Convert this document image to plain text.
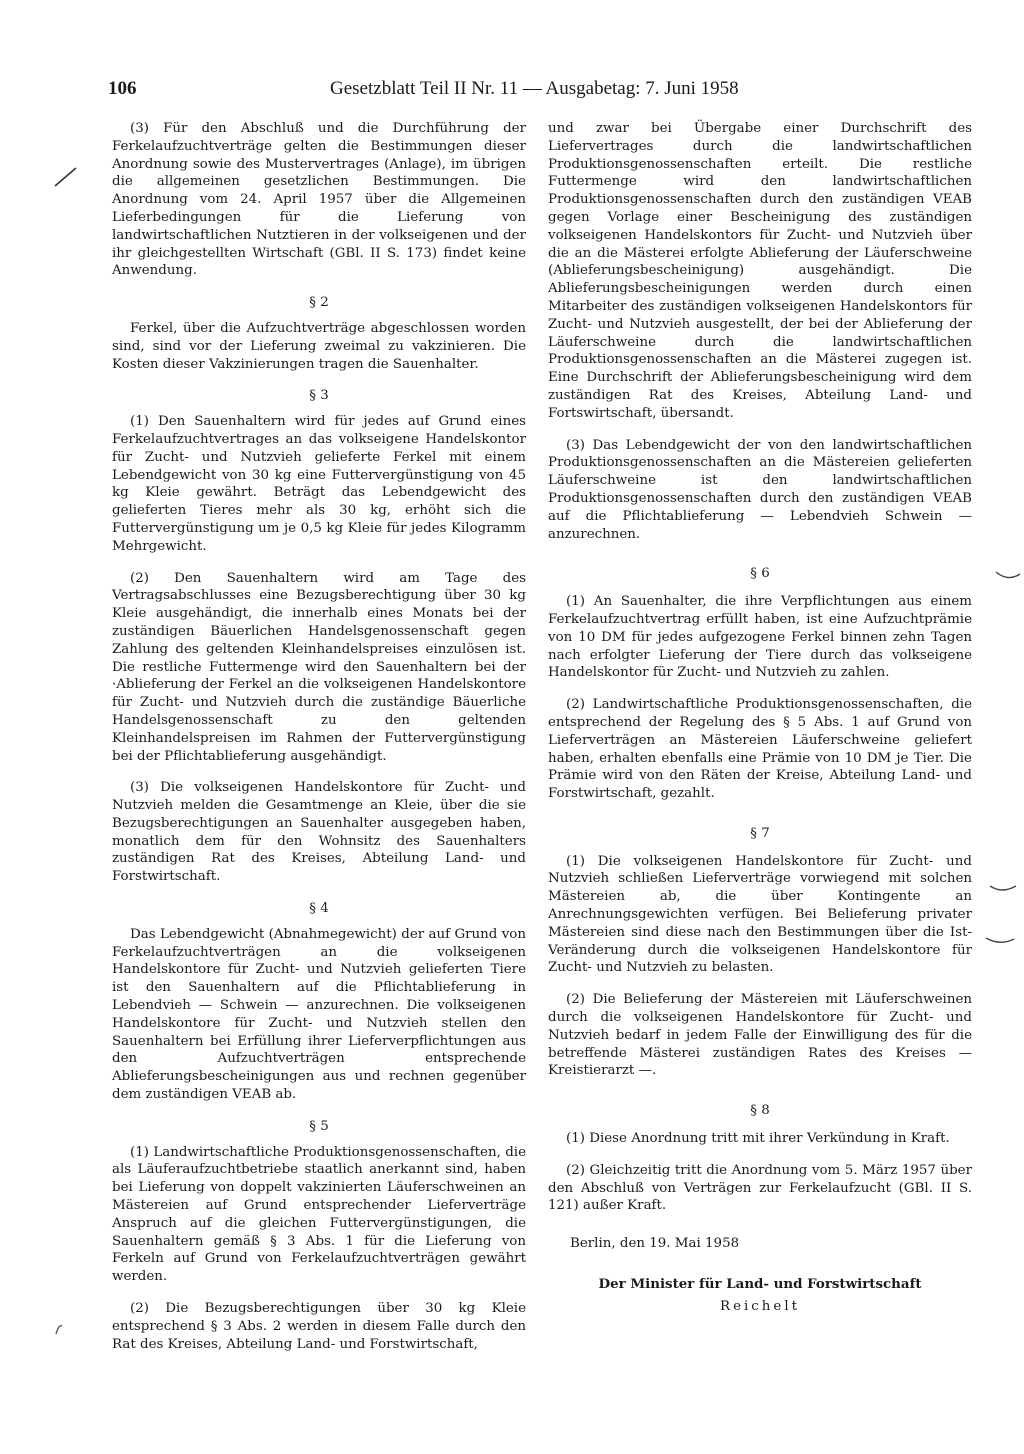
106	Gesetzblatt Teil II Nr. 11 — Ausgabetag: 7. Juni 1958

(3) Für den Abschluß und die Durchführung der Ferkelaufzuchtverträge gelten die Bestimmungen dieser Anordnung sowie des Mustervertrages (Anlage), im übrigen die allgemeinen gesetzlichen Bestimmungen. Die Anordnung vom 24. April 1957 über die Allgemeinen Lieferbedingungen für die Lieferung von landwirtschaftlichen Nutztieren in der volkseigenen und der ihr gleichgestellten Wirtschaft (GBl. II S. 173) findet keine Anwendung.

§ 2

Ferkel, über die Aufzuchtverträge abgeschlossen worden sind, sind vor der Lieferung zweimal zu vakzinieren. Die Kosten dieser Vakzinierungen tragen die Sauenhalter.

§ 3

(1) Den Sauenhaltern wird für jedes auf Grund eines Ferkelaufzuchtvertrages an das volkseigene Handelskontor für Zucht- und Nutzvieh gelieferte Ferkel mit einem Lebendgewicht von 30 kg eine Futtervergünstigung von 45 kg Kleie gewährt. Beträgt das Lebendgewicht des gelieferten Tieres mehr als 30 kg, erhöht sich die Futtervergünstigung um je 0,5 kg Kleie für jedes Kilogramm Mehrgewicht.

(2) Den Sauenhaltern wird am Tage des Vertragsabschlusses eine Bezugsberechtigung über 30 kg Kleie ausgehändigt, die innerhalb eines Monats bei der zuständigen Bäuerlichen Handelsgenossenschaft gegen Zahlung des geltenden Kleinhandelspreises einzulösen ist. Die restliche Futtermenge wird den Sauenhaltern bei der ·Ablieferung der Ferkel an die volkseigenen Handelskontore für Zucht- und Nutzvieh durch die zuständige Bäuerliche Handelsgenossenschaft zu den geltenden Kleinhandelspreisen im Rahmen der Futtervergünstigung bei der Pflichtablieferung ausgehändigt.

(3) Die volkseigenen Handelskontore für Zucht- und Nutzvieh melden die Gesamtmenge an Kleie, über die sie Bezugsberechtigungen an Sauenhalter ausgegeben haben, monatlich dem für den Wohnsitz des Sauenhalters zuständigen Rat des Kreises, Abteilung Land- und Forstwirtschaft.

§ 4

Das Lebendgewicht (Abnahmegewicht) der auf Grund von Ferkelaufzuchtverträgen an die volkseigenen Handelskontore für Zucht- und Nutzvieh gelieferten Tiere ist den Sauenhaltern auf die Pflichtablieferung in Lebendvieh — Schwein — anzurechnen. Die volkseigenen Handelskontore für Zucht- und Nutzvieh stellen den Sauenhaltern bei Erfüllung ihrer Lieferverpflichtungen aus den Aufzuchtverträgen entsprechende Ablieferungsbescheinigungen aus und rechnen gegenüber dem zuständigen VEAB ab.

§ 5

(1) Landwirtschaftliche Produktionsgenossenschaften, die als Läuferaufzuchtbetriebe staatlich anerkannt sind, haben bei Lieferung von doppelt vakzinierten Läuferschweinen an Mästereien auf Grund entsprechender Lieferverträge Anspruch auf die gleichen Futtervergünstigungen, die Sauenhaltern gemäß § 3 Abs. 1 für die Lieferung von Ferkeln auf Grund von Ferkelaufzuchtverträgen gewährt werden.

(2) Die Bezugsberechtigungen über 30 kg Kleie entsprechend § 3 Abs. 2 werden in diesem Falle durch den Rat des Kreises, Abteilung Land- und Forstwirtschaft,

und zwar bei Übergabe einer Durchschrift des Liefervertrages durch die landwirtschaftlichen Produktionsgenossenschaften erteilt. Die restliche Futtermenge wird den landwirtschaftlichen Produktionsgenossenschaften durch den zuständigen VEAB gegen Vorlage einer Bescheinigung des zuständigen volkseigenen Handelskontors für Zucht- und Nutzvieh über die an die Mästerei erfolgte Ablieferung der Läuferschweine (Ablieferungsbescheinigung) ausgehändigt. Die Ablieferungsbescheinigungen werden durch einen Mitarbeiter des zuständigen volkseigenen Handelskontors für Zucht- und Nutzvieh ausgestellt, der bei der Ablieferung der Läuferschweine durch die landwirtschaftlichen Produktionsgenossenschaften an die Mästerei zugegen ist. Eine Durchschrift der Ablieferungsbescheinigung wird dem zuständigen Rat des Kreises, Abteilung Land- und Fortswirtschaft, übersandt.

(3) Das Lebendgewicht der von den landwirtschaftlichen Produktionsgenossenschaften an die Mästereien gelieferten Läuferschweine ist den landwirtschaftlichen Produktionsgenossenschaften durch den zuständigen VEAB auf die Pflichtablieferung — Lebendvieh Schwein — anzurechnen.

§ 6

(1) An Sauenhalter, die ihre Verpflichtungen aus einem Ferkelaufzuchtvertrag erfüllt haben, ist eine Aufzuchtprämie von 10 DM für jedes aufgezogene Ferkel binnen zehn Tagen nach erfolgter Lieferung der Tiere durch das volkseigene Handelskontor für Zucht- und Nutzvieh zu zahlen.

(2) Landwirtschaftliche Produktionsgenossenschaften, die entsprechend der Regelung des § 5 Abs. 1 auf Grund von Lieferverträgen an Mästereien Läuferschweine geliefert haben, erhalten ebenfalls eine Prämie von 10 DM je Tier. Die Prämie wird von den Räten der Kreise, Abteilung Land- und Forstwirtschaft, gezahlt.

§ 7

(1) Die volkseigenen Handelskontore für Zucht- und Nutzvieh schließen Lieferverträge vorwiegend mit solchen Mästereien ab, die über Kontingente an Anrechnungsgewichten verfügen. Bei Belieferung privater Mästereien sind diese nach den Bestimmungen über die Ist-Veränderung durch die volkseigenen Handelskontore für Zucht- und Nutzvieh zu belasten.

(2) Die Belieferung der Mästereien mit Läuferschweinen durch die volkseigenen Handelskontore für Zucht- und Nutzvieh bedarf in jedem Falle der Einwilligung des für die betreffende Mästerei zuständigen Rates des Kreises — Kreistierarzt —.

§ 8

(1) Diese Anordnung tritt mit ihrer Verkündung in Kraft.

(2) Gleichzeitig tritt die Anordnung vom 5. März 1957 über den Abschluß von Verträgen zur Ferkelaufzucht (GBl. II S. 121) außer Kraft.

Berlin, den 19. Mai 1958

Der Minister für Land- und Forstwirtschaft
Reichelt
